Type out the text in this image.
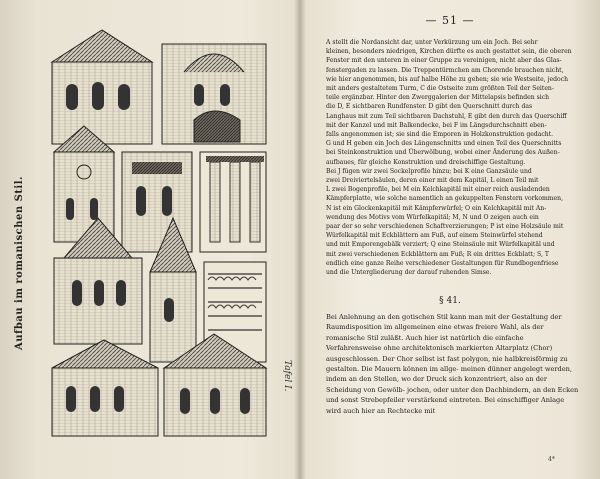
Aufbau im romanischen Stil.
Tafel I.
— 51 —
A stellt die Nordansicht dar, unter Verkürzung um ein Joch. Bei sehr
kleinen, besonders niedrigen, Kirchen dürfte es auch gestattet sein, die oberen
Fenster mit den unteren in einer Gruppe zu vereinigen, nicht aber das Glas-
fenstergaden zu lassen. Die Treppentürmchen am Chorende brauchen nicht,
wie hier angenommen, bis auf halbe Höhe zu gehen; sie wie Westseite, jedoch
mit anders gestaltetem Turm, C die Ostseite zum größten Teil der Seiten-
teile ergänzbar. Hinter den Zwerggalerien der Mittelapsis befinden sich
die D, E sichtbaren Rundfenster. D gibt den Querschnitt durch das
Langhaus mit zum Teil sichtbaren Dachstuhl, E gibt den durch das Querschiff
mit der Kanzel und mit Balkendecke, bei F im Längsdurchschnitt eben-
falls angenommen ist; sie sind die Emporen in Holzkonstruktion gedacht.
G und H geben ein Joch des Längenschnitts und einen Teil des Querschnitts
bei Steinkonstruktion und Überwölbung, wobei einer Änderung des Außen-
aufbaues, für gleiche Konstruktion und dreischiffige Gestaltung.
Bei J fügen wir zwei Sockelprofile hinzu; bei K eine Ganzsäule und
zwei Dreiviertelsäulen, deren einer mit dem Kapitäl, L einen Teil mit
L zwei Bogenprofile, bei M ein Kelchkapitäl mit einer reich ausladenden
Kämpferplatte, wie solche namentlich an gekuppelten Fenstern vorkommen,
N ist ein Glockenkapitäl mit Kämpferwürfel; O ein Kelchkapitäl mit An-
wendung des Motivs vom Würfelkapitäl; M, N und O zeigen auch ein
paar der so sehr verschiedenen Schaftverzierungen; P ist eine Holzsäule mit
Würfelkapitäl mit Eckblättern am Fuß, auf einem Steinwürfel stehend
und mit Emporengebälk verziert; Q eine Steinsäule mit Würfelkapitäl und
mit zwei verschiedenen Eckblättern am Fuß; R ein drittes Eckblatt; S, T
endlich eine ganze Reihe verschiedener Gestaltungen für Rundbogenfriese
und die Untergliederung der darauf ruhenden Simse.
§ 41.
Bei Anlehnung an den gotischen Stil kann man mit der Gestaltung der Raumdisposition im allgemeinen eine etwas freiere Wahl, als der romanische Stil zuläßt. Auch hier ist natürlich die einfache Verfahrensweise ohne architektonisch markierten Altarplatz (Chor) ausgeschlossen. Der Chor selbst ist fast polygon, nie halbkreisförmig zu gestalten. Die Mauern können im allge- meinen dünner angelegt werden, indem an den Stellen, wo der Druck sich konzentriert, also an der Scheidung von Gewölb- jochen, oder unter den Dachbindern, an den Ecken und sonst Strebepfeiler verstärkend eintreten. Bei einschiffiger Anlage wird auch hier an Rechtecke mit
4*
